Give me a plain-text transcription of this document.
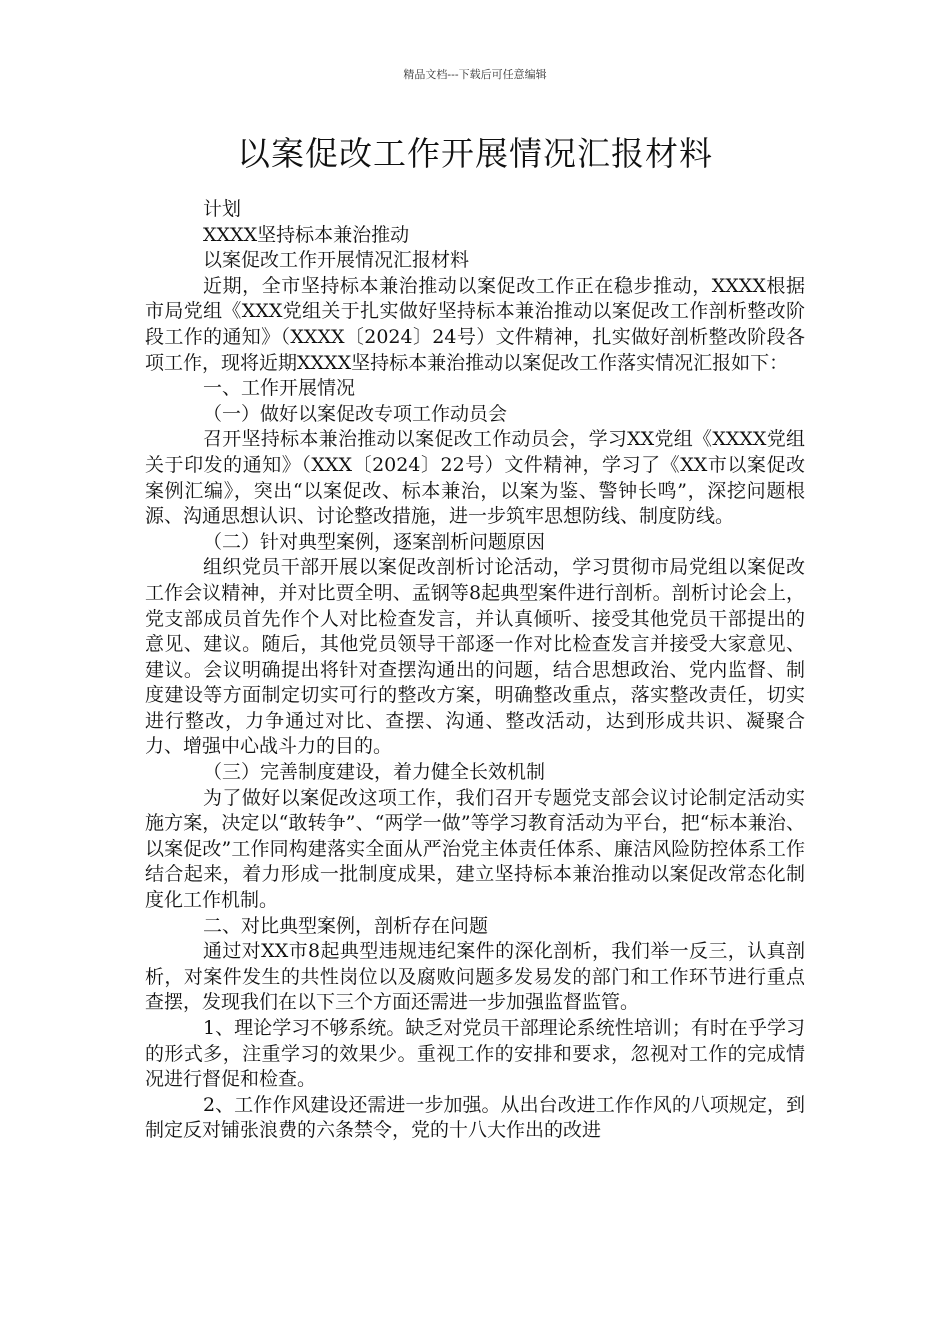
精品文档---下载后可任意编辑
以案促改工作开展情况汇报材料

计划

XXXX坚持标本兼治推动

以案促改工作开展情况汇报材料

近期，全市坚持标本兼治推动以案促改工作正在稳步推动，XXXX根据市局党组《XXX党组关于扎实做好坚持标本兼治推动以案促改工作剖析整改阶段工作的通知》（XXXX〔2024〕24号）文件精神，扎实做好剖析整改阶段各项工作，现将近期XXXX坚持标本兼治推动以案促改工作落实情况汇报如下：

一、工作开展情况

（一）做好以案促改专项工作动员会

召开坚持标本兼治推动以案促改工作动员会，学习XX党组《XXXX党组关于印发的通知》（XXX〔2024〕22号）文件精神，学习了《XX市以案促改案例汇编》，突出“以案促改、标本兼治，以案为鉴、警钟长鸣”，深挖问题根源、沟通思想认识、讨论整改措施，进一步筑牢思想防线、制度防线。

（二）针对典型案例，逐案剖析问题原因

组织党员干部开展以案促改剖析讨论活动，学习贯彻市局党组以案促改工作会议精神，并对比贾全明、孟钢等8起典型案件进行剖析。剖析讨论会上，党支部成员首先作个人对比检查发言，并认真倾听、接受其他党员干部提出的意见、建议。随后，其他党员领导干部逐一作对比检查发言并接受大家意见、建议。会议明确提出将针对查摆沟通出的问题，结合思想政治、党内监督、制度建设等方面制定切实可行的整改方案，明确整改重点，落实整改责任，切实进行整改，力争通过对比、查摆、沟通、整改活动，达到形成共识、凝聚合力、增强中心战斗力的目的。

（三）完善制度建设，着力健全长效机制

为了做好以案促改这项工作，我们召开专题党支部会议讨论制定活动实施方案，决定以“敢转争”、“两学一做”等学习教育活动为平台，把“标本兼治、以案促改”工作同构建落实全面从严治党主体责任体系、廉洁风险防控体系工作结合起来，着力形成一批制度成果，建立坚持标本兼治推动以案促改常态化制度化工作机制。

二、对比典型案例，剖析存在问题

通过对XX市8起典型违规违纪案件的深化剖析，我们举一反三，认真剖析，对案件发生的共性岗位以及腐败问题多发易发的部门和工作环节进行重点查摆，发现我们在以下三个方面还需进一步加强监督监管。

1、理论学习不够系统。缺乏对党员干部理论系统性培训；有时在乎学习的形式多，注重学习的效果少。重视工作的安排和要求，忽视对工作的完成情况进行督促和检查。

2、工作作风建设还需进一步加强。从出台改进工作作风的八项规定，到制定反对铺张浪费的六条禁令，党的十八大作出的改进
